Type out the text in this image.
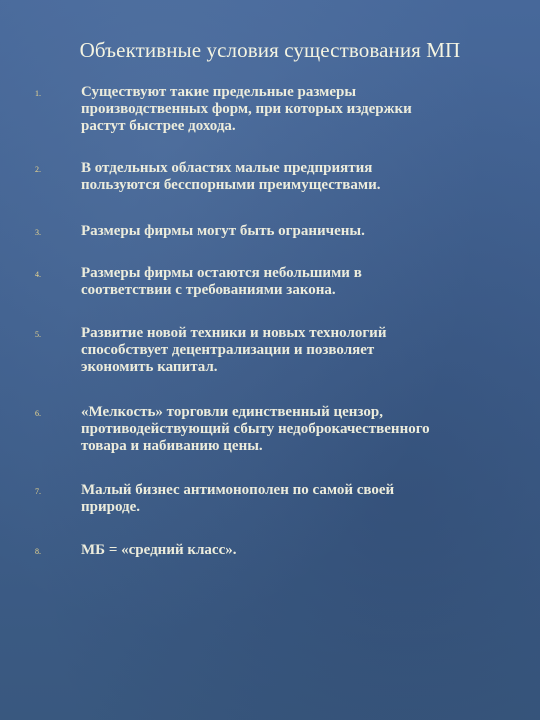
Объективные условия существования МП
1.	Существуют такие предельные размеры
производственных форм, при которых издержки
растут быстрее дохода.
2.	В отдельных областях малые предприятия
пользуются бесспорными преимуществами.
3.	Размеры фирмы могут быть ограничены.
4.	Размеры фирмы остаются небольшими в
соответствии с требованиями закона.
5.	Развитие новой техники и новых технологий
способствует децентрализации и позволяет
экономить капитал.
6.	«Мелкость» торговли единственный цензор,
противодействующий сбыту недоброкачественного
товара и набиванию цены.
7.	Малый бизнес антимонополен по самой своей
природе.
8.	МБ = «средний класс».
